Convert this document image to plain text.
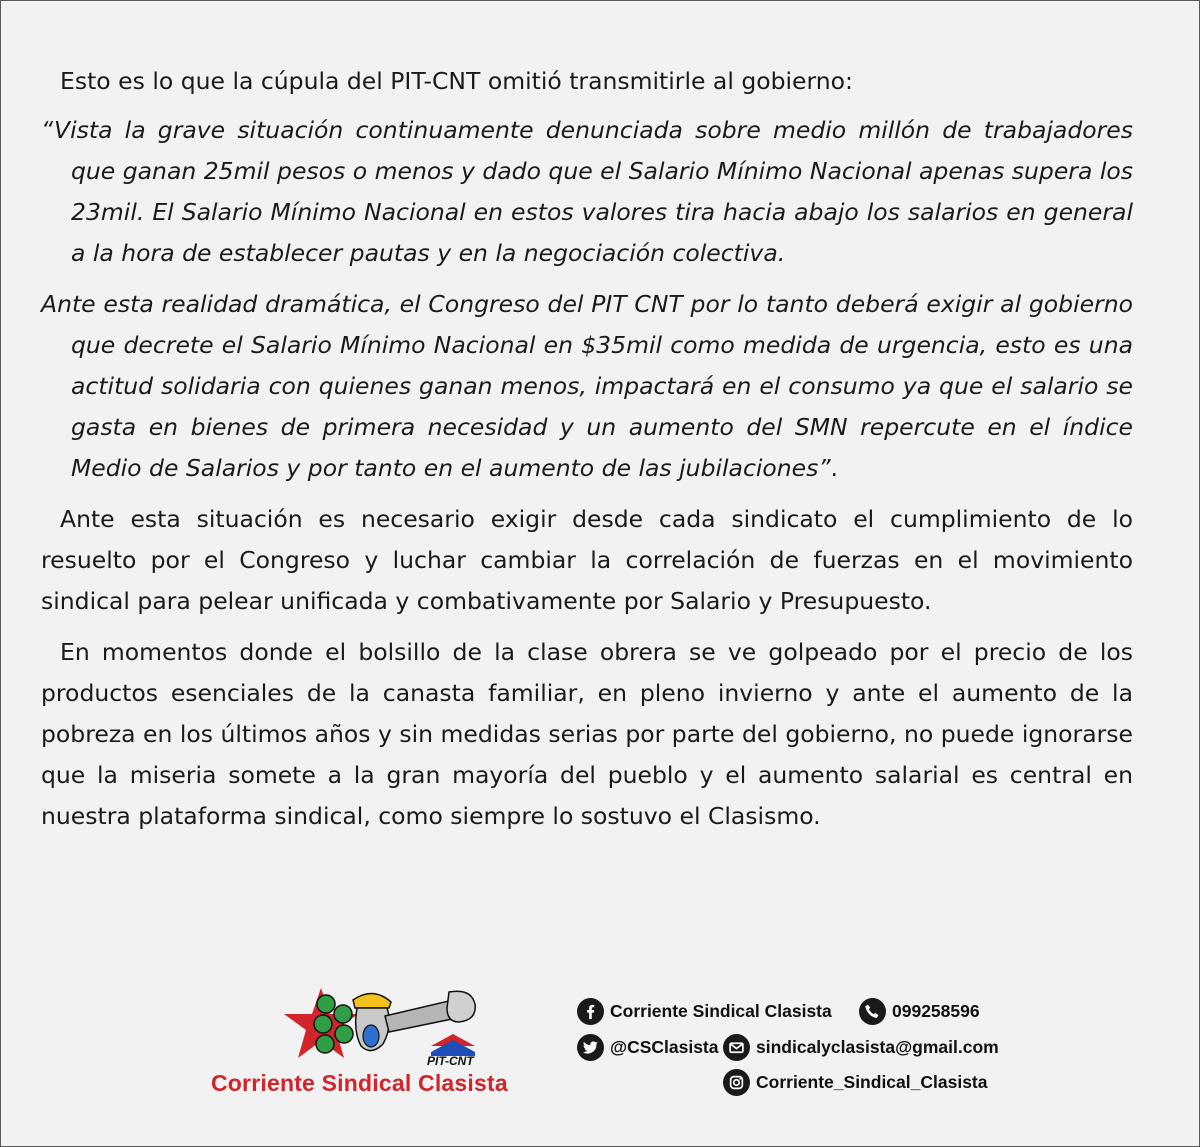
Esto es lo que la cúpula del PIT-CNT omitió transmitirle al gobierno:

“Vista la grave situación continuamente denunciada sobre medio millón de trabajadores que ganan 25mil pesos o menos y dado que el Salario Mínimo Nacional apenas supera los 23mil. El Salario Mínimo Nacional en estos valores tira hacia abajo los salarios en general a la hora de establecer pautas y en la negociación colectiva.

Ante esta realidad dramática, el Congreso del PIT CNT por lo tanto deberá exigir al gobierno que decrete el Salario Mínimo Nacional en $35mil como medida de urgencia, esto es una actitud solidaria con quienes ganan menos, impactará en el consumo ya que el salario se gasta en bienes de primera necesidad y un aumento del SMN repercute en el índice Medio de Salarios y por tanto en el aumento de las jubilaciones”.

Ante esta situación es necesario exigir desde cada sindicato el cumplimiento de lo resuelto por el Congreso y luchar cambiar la correlación de fuerzas en el movimiento sindical para pelear unificada y combativamente por Salario y Presupuesto.

En momentos donde el bolsillo de la clase obrera se ve golpeado por el precio de los productos esenciales de la canasta familiar, en pleno invierno y ante el aumento de la pobreza en los últimos años y sin medidas serias por parte del gobierno, no puede ignorarse que la miseria somete a la gran mayoría del pueblo y el aumento salarial es central en nuestra plataforma sindical, como siempre lo sostuvo el Clasismo.

PIT-CNT
Corriente Sindical Clasista
Corriente Sindical Clasista	099258596
@CSClasista sindicalyclasista@gmail.com
Corriente_Sindical_Clasista
